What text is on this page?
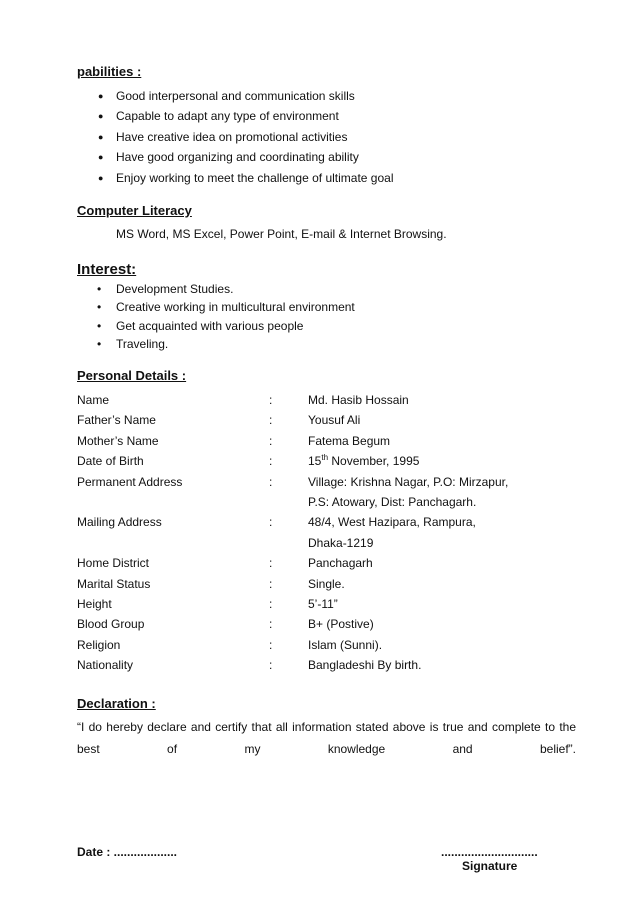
pabilities :
● Good interpersonal and communication skills
● Capable to adapt any type of environment
● Have creative idea on promotional activities
● Have good organizing and coordinating ability
● Enjoy working to meet the challenge of ultimate goal
Computer Literacy
MS Word, MS Excel, Power Point, E-mail & Internet Browsing.
Interest:
• Development Studies.
• Creative working in multicultural environment
• Get acquainted with various people
• Traveling.
Personal Details :
Name	:	Md. Hasib Hossain
Father’s Name	:	Yousuf Ali
Mother’s Name	:	Fatema Begum
Date of Birth	:	15th November, 1995
Permanent Address	:	Village: Krishna Nagar, P.O: Mirzapur,
		P.S: Atowary, Dist: Panchagarh.
Mailing Address	:	48/4, West Hazipara, Rampura,
		Dhaka-1219
Home District	:	Panchagarh
Marital Status	:	Single.
Height	:	5’-11”
Blood Group	:	B+ (Postive)
Religion	:	Islam (Sunni).
Nationality	:	Bangladeshi By birth.
Declaration :
“I do hereby declare and certify that all information stated above is true and complete to the best of my knowledge and belief”.
Date : ...................	.............................
Signature
